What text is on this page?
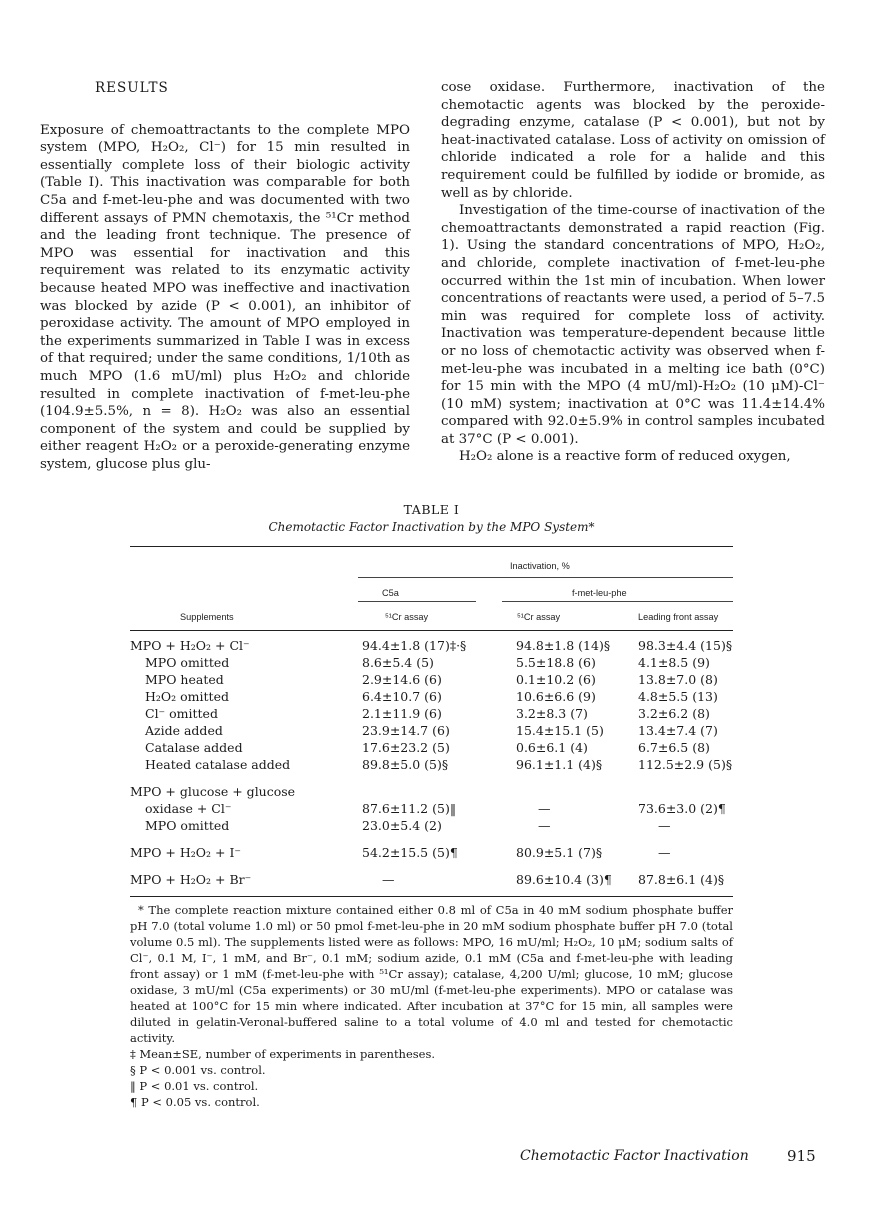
RESULTS

Exposure of chemoattractants to the complete MPO system (MPO, H₂O₂, Cl⁻) for 15 min resulted in essentially complete loss of their biologic activity (Table I). This inactivation was comparable for both C5a and f-met-leu-phe and was documented with two different assays of PMN chemotaxis, the ⁵¹Cr method and the leading front technique. The presence of MPO was essential for inactivation and this requirement was related to its enzymatic activity because heated MPO was ineffective and inactivation was blocked by azide (P < 0.001), an inhibitor of peroxidase activity. The amount of MPO employed in the experiments summarized in Table I was in excess of that required; under the same conditions, 1/10th as much MPO (1.6 mU/ml) plus H₂O₂ and chloride resulted in complete inactivation of f-met-leu-phe (104.9±5.5%, n = 8). H₂O₂ was also an essential component of the system and could be supplied by either reagent H₂O₂ or a peroxide-generating enzyme system, glucose plus glu-

cose oxidase. Furthermore, inactivation of the chemotactic agents was blocked by the peroxide-degrading enzyme, catalase (P < 0.001), but not by heat-inactivated catalase. Loss of activity on omission of chloride indicated a role for a halide and this requirement could be fulfilled by iodide or bromide, as well as by chloride.

Investigation of the time-course of inactivation of the chemoattractants demonstrated a rapid reaction (Fig. 1). Using the standard concentrations of MPO, H₂O₂, and chloride, complete inactivation of f-met-leu-phe occurred within the 1st min of incubation. When lower concentrations of reactants were used, a period of 5–7.5 min was required for complete loss of activity. Inactivation was temperature-dependent because little or no loss of chemotactic activity was observed when f-met-leu-phe was incubated in a melting ice bath (0°C) for 15 min with the MPO (4 mU/ml)-H₂O₂ (10 μM)-Cl⁻ (10 mM) system; inactivation at 0°C was 11.4±14.4% compared with 92.0±5.9% in control samples incubated at 37°C (P < 0.001).

H₂O₂ alone is a reactive form of reduced oxygen,

TABLE I
Chemotactic Factor Inactivation by the MPO System*
Inactivation, %
C5a	f-met-leu-phe
Supplements	⁵¹Cr assay	⁵¹Cr assay	Leading front assay
MPO + H₂O₂ + Cl⁻	94.4±1.8 (17)‡·§	94.8±1.8 (14)§ 98.3±4.4 (15)§
MPO omitted	8.6±5.4 (5)	5.5±18.8 (6)	4.1±8.5 (9)
MPO heated	2.9±14.6 (6)	0.1±10.2 (6)	13.8±7.0 (8)
H₂O₂ omitted	6.4±10.7 (6)	10.6±6.6 (9)	4.8±5.5 (13)
Cl⁻ omitted	2.1±11.9 (6)	3.2±8.3 (7)	3.2±6.2 (8)
Azide added	23.9±14.7 (6)	15.4±15.1 (5)	13.4±7.4 (7)
Catalase added	17.6±23.2 (5)	0.6±6.1 (4)	6.7±6.5 (8)
Heated catalase added	89.8±5.0 (5)§	96.1±1.1 (4)§	112.5±2.9 (5)§
MPO + glucose + glucose
oxidase + Cl⁻	87.6±11.2 (5)‖	—	73.6±3.0 (2)¶
MPO omitted	23.0±5.4 (2)	—	—
MPO + H₂O₂ + I⁻	54.2±15.5 (5)¶	80.9±5.1 (7)§	—
MPO + H₂O₂ + Br⁻	—	89.6±10.4 (3)¶ 87.8±6.1 (4)§

* The complete reaction mixture contained either 0.8 ml of C5a in 40 mM sodium phosphate buffer pH 7.0 (total volume 1.0 ml) or 50 pmol f-met-leu-phe in 20 mM sodium phosphate buffer pH 7.0 (total volume 0.5 ml). The supplements listed were as follows: MPO, 16 mU/ml; H₂O₂, 10 μM; sodium salts of Cl⁻, 0.1 M, I⁻, 1 mM, and Br⁻, 0.1 mM; sodium azide, 0.1 mM (C5a and f-met-leu-phe with leading front assay) or 1 mM (f-met-leu-phe with ⁵¹Cr assay); catalase, 4,200 U/ml; glucose, 10 mM; glucose oxidase, 3 mU/ml (C5a experiments) or 30 mU/ml (f-met-leu-phe experiments). MPO or catalase was heated at 100°C for 15 min where indicated. After incubation at 37°C for 15 min, all samples were diluted in gelatin-Veronal-buffered saline to a total volume of 4.0 ml and tested for chemotactic activity.

‡ Mean±SE, number of experiments in parentheses.

§ P < 0.001 vs. control.

‖ P < 0.01 vs. control.

¶ P < 0.05 vs. control.

Chemotactic Factor Inactivation	915
